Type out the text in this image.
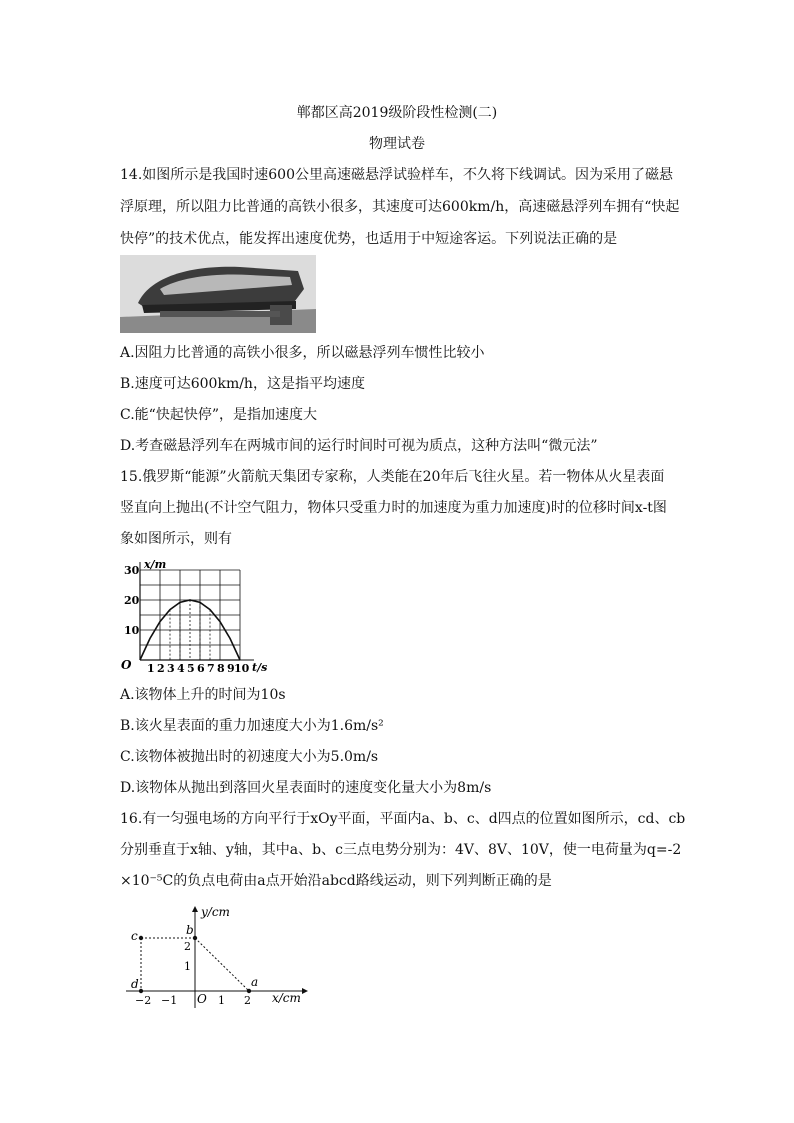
郸都区高2019级阶段性检测(二)
物理试卷
14.如图所示是我国时速600公里高速磁悬浮试验样车，不久将下线调试。因为采用了磁悬
浮原理，所以阻力比普通的高铁小很多，其速度可达600km/h，高速磁悬浮列车拥有“快起
快停”的技术优点，能发挥出速度优势，也适用于中短途客运。下列说法正确的是
A.因阻力比普通的高铁小很多，所以磁悬浮列车惯性比较小
B.速度可达600km/h，这是指平均速度
C.能“快起快停”，是指加速度大
D.考查磁悬浮列车在两城市间的运行时间时可视为质点，这种方法叫“微元法”
15.俄罗斯“能源”火箭航天集团专家称，人类能在20年后飞往火星。若一物体从火星表面
竖直向上抛出(不计空气阻力，物体只受重力时的加速度为重力加速度)时的位移时间x-t图
象如图所示，则有
1 2 3 4 5 6 7 8 9 10
10
20
30 x/m
t/s
O
A.该物体上升的时间为10s
B.该火星表面的重力加速度大小为1.6m/s²
C.该物体被抛出时的初速度大小为5.0m/s
D.该物体从抛出到落回火星表面时的速度变化量大小为8m/s
16.有一匀强电场的方向平行于xOy平面，平面内a、b、c、d四点的位置如图所示，cd、cb
分别垂直于x轴、y轴，其中a、b、c三点电势分别为：4V、8V、10V，使一电荷量为q=-2
×10⁻⁵C的负点电荷由a点开始沿abcd路线运动，则下列判断正确的是
a
b
c
d
y/cm
x/cm
O
−2 −1	1 2
1
2
